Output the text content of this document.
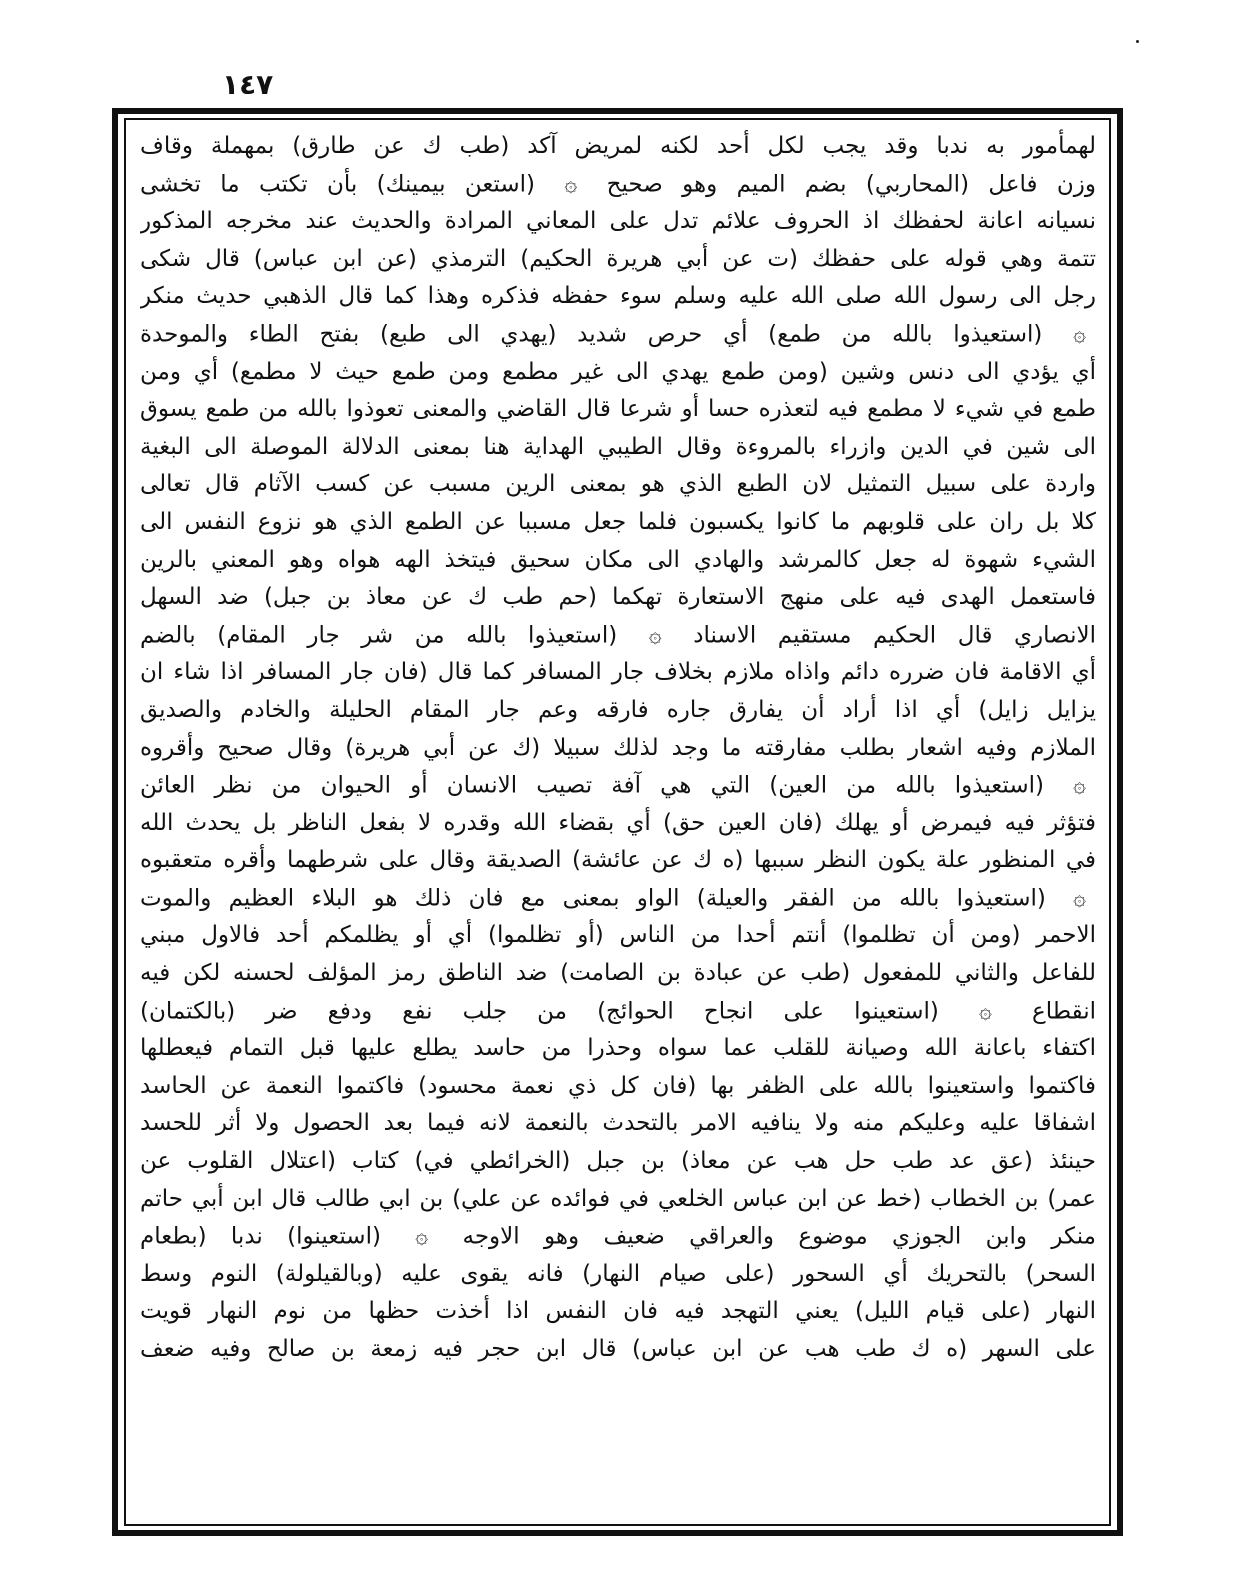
١٤٧
لهمأمور به ندبا وقد يجب لكل أحد لكنه لمريض آكد (طب ك عن طارق) بمهملة وقاف
وزن فاعل (المحاربي) بضم الميم وهو صحيح ۞ (استعن بيمينك) بأن تكتب ما تخشى
نسيانه اعانة لحفظك اذ الحروف علائم تدل على المعاني المرادة والحديث عند مخرجه المذكور
تتمة وهي قوله على حفظك (ت عن أبي هريرة الحكيم) الترمذي (عن ابن عباس) قال شكى
رجل الى رسول الله صلى الله عليه وسلم سوء حفظه فذكره وهذا كما قال الذهبي حديث منكر
۞ (استعيذوا بالله من طمع) أي حرص شديد (يهدي الى طبع) بفتح الطاء والموحدة
أي يؤدي الى دنس وشين (ومن طمع يهدي الى غير مطمع ومن طمع حيث لا مطمع) أي ومن
طمع في شيء لا مطمع فيه لتعذره حسا أو شرعا قال القاضي والمعنى تعوذوا بالله من طمع يسوق
الى شين في الدين وازراء بالمروءة وقال الطيبي الهداية هنا بمعنى الدلالة الموصلة الى البغية
واردة على سبيل التمثيل لان الطبع الذي هو بمعنى الرين مسبب عن كسب الآثام قال تعالى
كلا بل ران على قلوبهم ما كانوا يكسبون فلما جعل مسببا عن الطمع الذي هو نزوع النفس الى
الشيء شهوة له جعل كالمرشد والهادي الى مكان سحيق فيتخذ الهه هواه وهو المعني بالرين
فاستعمل الهدى فيه على منهج الاستعارة تهكما (حم طب ك عن معاذ بن جبل) ضد السهل
الانصاري قال الحكيم مستقيم الاسناد ۞ (استعيذوا بالله من شر جار المقام) بالضم
أي الاقامة فان ضرره دائم واذاه ملازم بخلاف جار المسافر كما قال (فان جار المسافر اذا شاء ان
يزايل زايل) أي اذا أراد أن يفارق جاره فارقه وعم جار المقام الحليلة والخادم والصديق
الملازم وفيه اشعار بطلب مفارقته ما وجد لذلك سبيلا (ك عن أبي هريرة) وقال صحيح وأقروه
۞ (استعيذوا بالله من العين) التي هي آفة تصيب الانسان أو الحيوان من نظر العائن
فتؤثر فيه فيمرض أو يهلك (فان العين حق) أي بقضاء الله وقدره لا بفعل الناظر بل يحدث الله
في المنظور علة يكون النظر سببها (ه ك عن عائشة) الصديقة وقال على شرطهما وأقره متعقبوه
۞ (استعيذوا بالله من الفقر والعيلة) الواو بمعنى مع فان ذلك هو البلاء العظيم والموت
الاحمر (ومن أن تظلموا) أنتم أحدا من الناس (أو تظلموا) أي أو يظلمكم أحد فالاول مبني
للفاعل والثاني للمفعول (طب عن عبادة بن الصامت) ضد الناطق رمز المؤلف لحسنه لكن فيه
انقطاع ۞ (استعينوا على انجاح الحوائج) من جلب نفع ودفع ضر (بالكتمان)
اكتفاء باعانة الله وصيانة للقلب عما سواه وحذرا من حاسد يطلع عليها قبل التمام فيعطلها
فاكتموا واستعينوا بالله على الظفر بها (فان كل ذي نعمة محسود) فاكتموا النعمة عن الحاسد
اشفاقا عليه وعليكم منه ولا ينافيه الامر بالتحدث بالنعمة لانه فيما بعد الحصول ولا أثر للحسد
حينئذ (عق عد طب حل هب عن معاذ) بن جبل (الخرائطي في) كتاب (اعتلال القلوب عن
عمر) بن الخطاب (خط عن ابن عباس الخلعي في فوائده عن علي) بن ابي طالب قال ابن أبي حاتم
منكر وابن الجوزي موضوع والعراقي ضعيف وهو الاوجه ۞ (استعينوا) ندبا (بطعام
السحر) بالتحريك أي السحور (على صيام النهار) فانه يقوى عليه (وبالقيلولة) النوم وسط
النهار (على قيام الليل) يعني التهجد فيه فان النفس اذا أخذت حظها من نوم النهار قويت
على السهر (ه ك طب هب عن ابن عباس) قال ابن حجر فيه زمعة بن صالح وفيه ضعف
